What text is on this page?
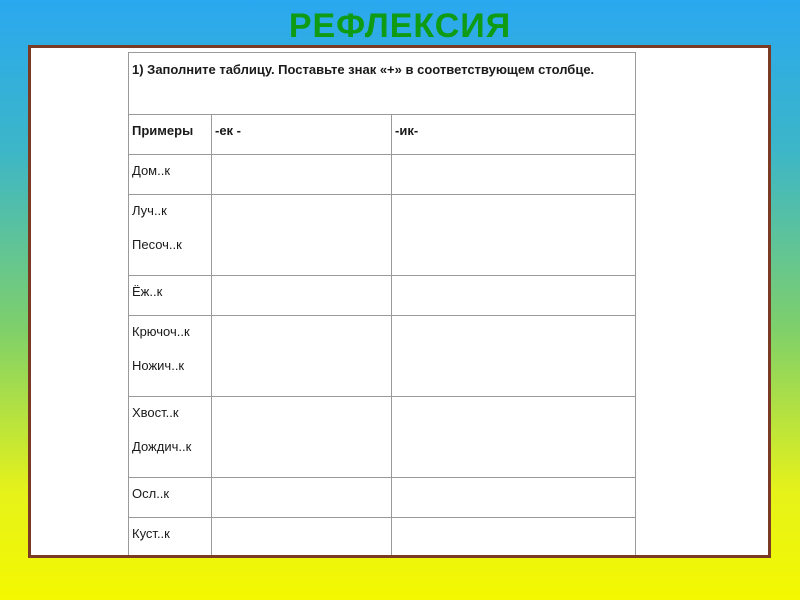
РЕФЛЕКСИЯ
1) Заполните таблицу. Поставьте знак «+» в соответствующем столбце.		
Примеры	-ек -	-ик-
Дом..к		
Луч..к
Песоч..к		

Ёж..к		
Крючоч..к
Ножич..к		

Хвост..к
Дождич..к		

Осл..к		
Куст..к		
